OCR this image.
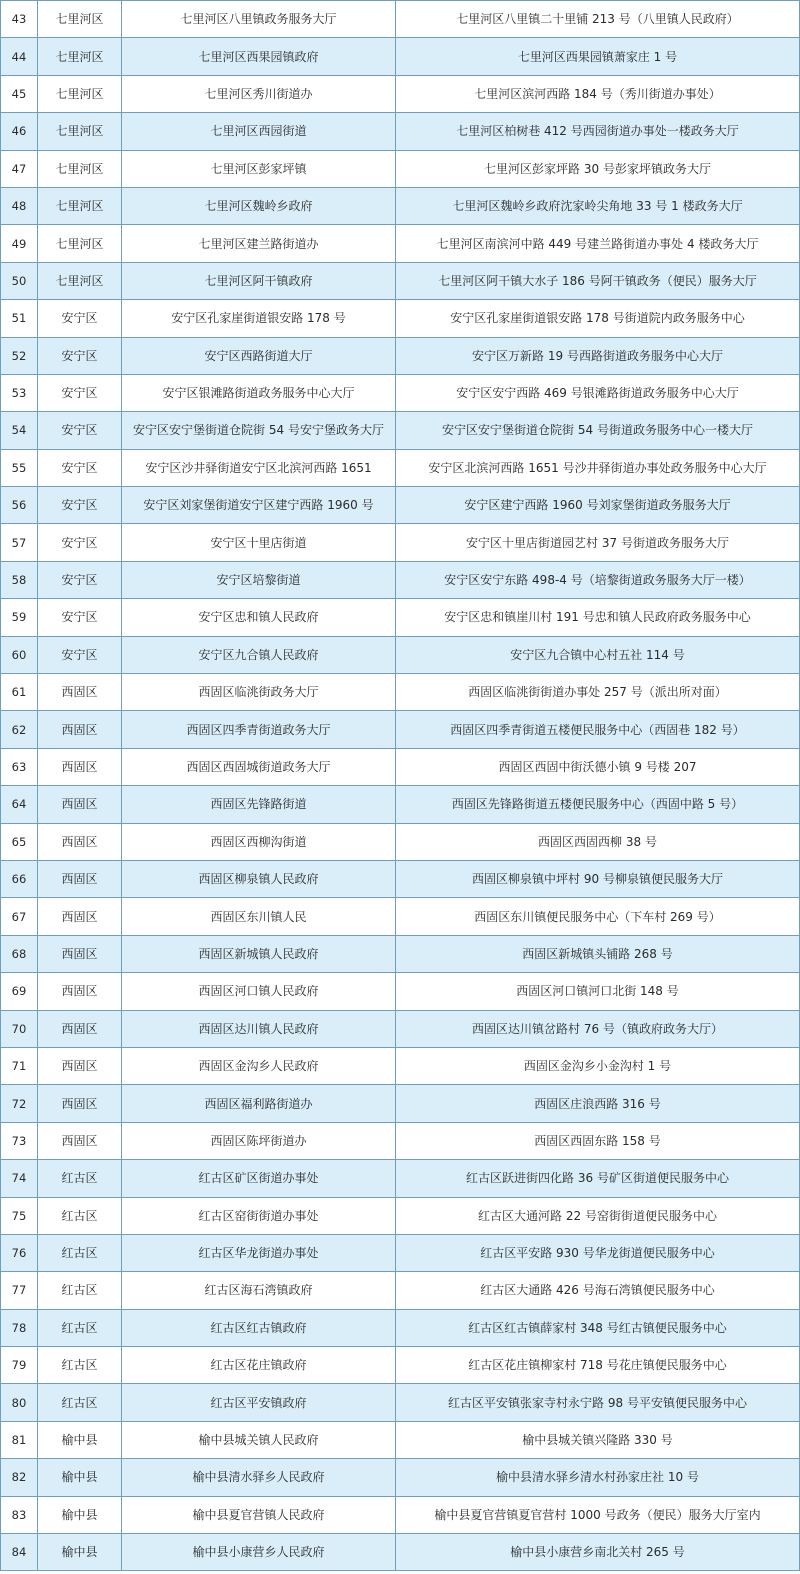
43	七里河区	七里河区八里镇政务服务大厅	七里河区八里镇二十里铺 213 号（八里镇人民政府）
44	七里河区	七里河区西果园镇政府	七里河区西果园镇萧家庄 1 号
45	七里河区	七里河区秀川街道办	七里河区滨河西路 184 号（秀川街道办事处）
46	七里河区	七里河区西园街道	七里河区柏树巷 412 号西园街道办事处一楼政务大厅
47	七里河区	七里河区彭家坪镇	七里河区彭家坪路 30 号彭家坪镇政务大厅
48	七里河区	七里河区魏岭乡政府	七里河区魏岭乡政府沈家岭尖角地 33 号 1 楼政务大厅
49	七里河区	七里河区建兰路街道办	七里河区南滨河中路 449 号建兰路街道办事处 4 楼政务大厅
50	七里河区	七里河区阿干镇政府	七里河区阿干镇大水子 186 号阿干镇政务（便民）服务大厅
51	安宁区	安宁区孔家崖街道银安路 178 号	安宁区孔家崖街道银安路 178 号街道院内政务服务中心
52	安宁区	安宁区西路街道大厅	安宁区万新路 19 号西路街道政务服务中心大厅
53	安宁区	安宁区银滩路街道政务服务中心大厅	安宁区安宁西路 469 号银滩路街道政务服务中心大厅
54	安宁区	安宁区安宁堡街道仓院街 54 号安宁堡政务大厅	安宁区安宁堡街道仓院街 54 号街道政务服务中心一楼大厅
55	安宁区	安宁区沙井驿街道安宁区北滨河西路 1651	安宁区北滨河西路 1651 号沙井驿街道办事处政务服务中心大厅
56	安宁区	安宁区刘家堡街道安宁区建宁西路 1960 号	安宁区建宁西路 1960 号刘家堡街道政务服务大厅
57	安宁区	安宁区十里店街道	安宁区十里店街道园艺村 37 号街道政务服务大厅
58	安宁区	安宁区培黎街道	安宁区安宁东路 498-4 号（培黎街道政务服务大厅一楼）
59	安宁区	安宁区忠和镇人民政府	安宁区忠和镇崖川村 191 号忠和镇人民政府政务服务中心
60	安宁区	安宁区九合镇人民政府	安宁区九合镇中心村五社 114 号
61	西固区	西固区临洮街政务大厅	西固区临洮街街道办事处 257 号（派出所对面）
62	西固区	西固区四季青街道政务大厅	西固区四季青街道五楼便民服务中心（西固巷 182 号）
63	西固区	西固区西固城街道政务大厅	西固区西固中街沃德小镇 9 号楼 207
64	西固区	西固区先锋路街道	西固区先锋路街道五楼便民服务中心（西固中路 5 号）
65	西固区	西固区西柳沟街道	西固区西固西柳 38 号
66	西固区	西固区柳泉镇人民政府	西固区柳泉镇中坪村 90 号柳泉镇便民服务大厅
67	西固区	西固区东川镇人民	西固区东川镇便民服务中心（下车村 269 号）
68	西固区	西固区新城镇人民政府	西固区新城镇头铺路 268 号
69	西固区	西固区河口镇人民政府	西固区河口镇河口北街 148 号
70	西固区	西固区达川镇人民政府	西固区达川镇岔路村 76 号（镇政府政务大厅）
71	西固区	西固区金沟乡人民政府	西固区金沟乡小金沟村 1 号
72	西固区	西固区福利路街道办	西固区庄浪西路 316 号
73	西固区	西固区陈坪街道办	西固区西固东路 158 号
74	红古区	红古区矿区街道办事处	红古区跃进街四化路 36 号矿区街道便民服务中心
75	红古区	红古区窑街街道办事处	红古区大通河路 22 号窑街街道便民服务中心
76	红古区	红古区华龙街道办事处	红古区平安路 930 号华龙街道便民服务中心
77	红古区	红古区海石湾镇政府	红古区大通路 426 号海石湾镇便民服务中心
78	红古区	红古区红古镇政府	红古区红古镇薛家村 348 号红古镇便民服务中心
79	红古区	红古区花庄镇政府	红古区花庄镇柳家村 718 号花庄镇便民服务中心
80	红古区	红古区平安镇政府	红古区平安镇张家寺村永宁路 98 号平安镇便民服务中心
81	榆中县	榆中县城关镇人民政府	榆中县城关镇兴隆路 330 号
82	榆中县	榆中县清水驿乡人民政府	榆中县清水驿乡清水村孙家庄社 10 号
83	榆中县	榆中县夏官营镇人民政府	榆中县夏官营镇夏官营村 1000 号政务（便民）服务大厅室内
84	榆中县	榆中县小康营乡人民政府	榆中县小康营乡南北关村 265 号
